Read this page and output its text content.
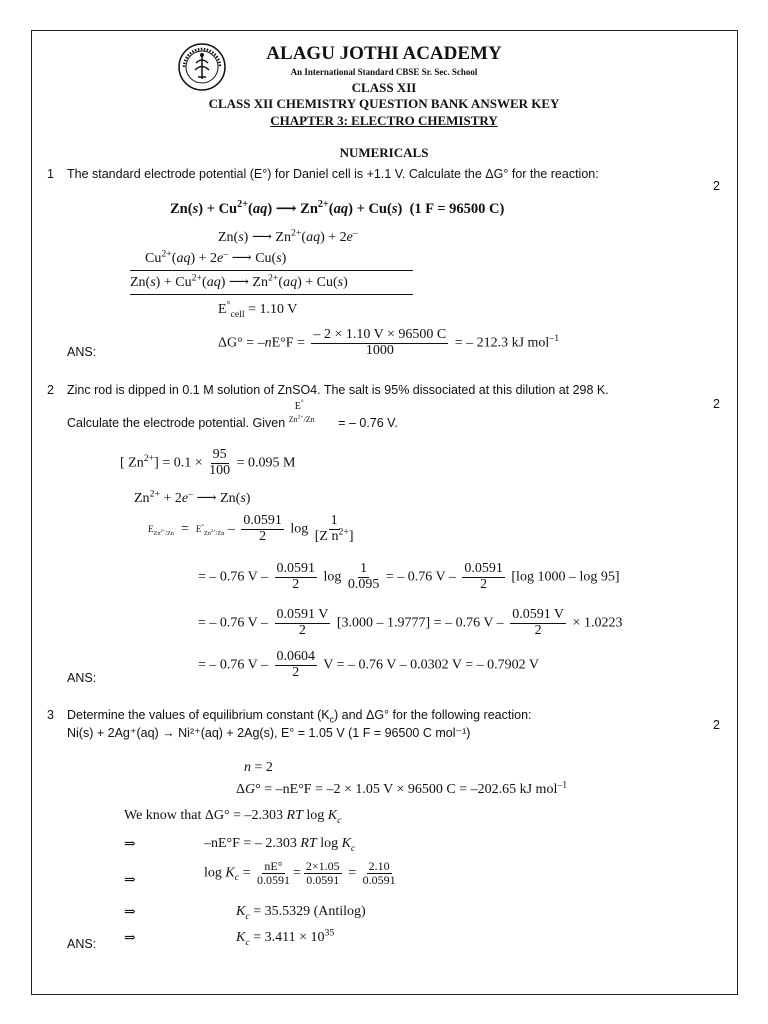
ALAGU JOTHI ACADEMY
An International Standard CBSE Sr. Sec. School
CLASS XII
CLASS XII CHEMISTRY QUESTION BANK ANSWER KEY
CHAPTER 3: ELECTRO CHEMISTRY
NUMERICALS
1 The standard electrode potential (E°) for Daniel cell is +1.1 V. Calculate the ΔG° for the reaction:
2
$Zn(s) + Cu^{2+}(aq)$ ⟶ $Zn^{2+}(aq) + Cu(s)$  (1 F = 96500 C)
Zn(s) ⟶ $Zn^{2+}(aq) + 2e^-$
$Cu^{2+}(aq) + 2e^-$ ⟶ Cu(s)
$Zn(s) + Cu^{2+}(aq)$ ⟶ $Zn^{2+}(aq) + Cu(s)$
$E^\circ_{cell} = 1.10$ V
$\Delta G^\circ = -nE^\circ F = \frac{- 2 \times 1.10 V \times 96500 C}{1000}$ = – 212.3 kJ mol$^{-1}$
ANS:
2 Zinc rod is dipped in 0.1 M solution of ZnSO4. The salt is 95% dissociated at this dilution at 298 K.
2
Calculate the electrode potential. Given
E°
$Zn^{2+}/Zn$ = – 0.76 V.
[ $Zn^{2+}] = 0.1 \times \frac{95}{100} = 0.095$ M
$Zn^{2+} + 2e^-$ ⟶ Zn(s)
$E_{Zn^{2+}/Zn} = E^\circ_{Zn^{2+}/Zn} - \frac{0.0591}{2}$ $\log \frac{1}{[Z n^{2+}]}$
= – 0.76 V – $\frac{0.0591}{2}$ $\log \frac{1}{0.095}$ = – 0.76 V – $\frac{0.0591}{2} [\log$ 1000 – log 95]
= – 0.76 V – $\frac{0.0591 V}{2} [3.000 - 1.9777]$ = – 0.76 $V - \frac{0.0591 V}{2} \times 1.0223$
= – 0.76 V – $\frac{0.0604}{2}$ V = – 0.76 V – 0.0302 V = – 0.7902 V
ANS:
3 Determine the values of equilibrium constant $(K_c)$ and ΔG° for the following reaction:
Ni(s) + 2Ag⁺(aq) → Ni²⁺(aq) + 2Ag(s), E° = 1.05 V (1 F = 96500 C mol⁻¹)
2
n = 2
ΔG° = –nE°F = –2 × 1.05 V × 96500 C = –202.65 kJ mol$^{-1}$
We know that ΔG° = –2.303 RT $\log K_c$
⇒	–nE°F = – 2.303 RT $\log K_c$
⇒
$\log K_c = \frac{nE^\circ}{0.0591} = \frac{2\times 1.05}{0.0591} = \frac{2.10}{0.0591}$
⇒	$K_c = 35.5329$ (Antilog)
⇒	$K_c = 3.411 \times 10^{35}$
ANS:
